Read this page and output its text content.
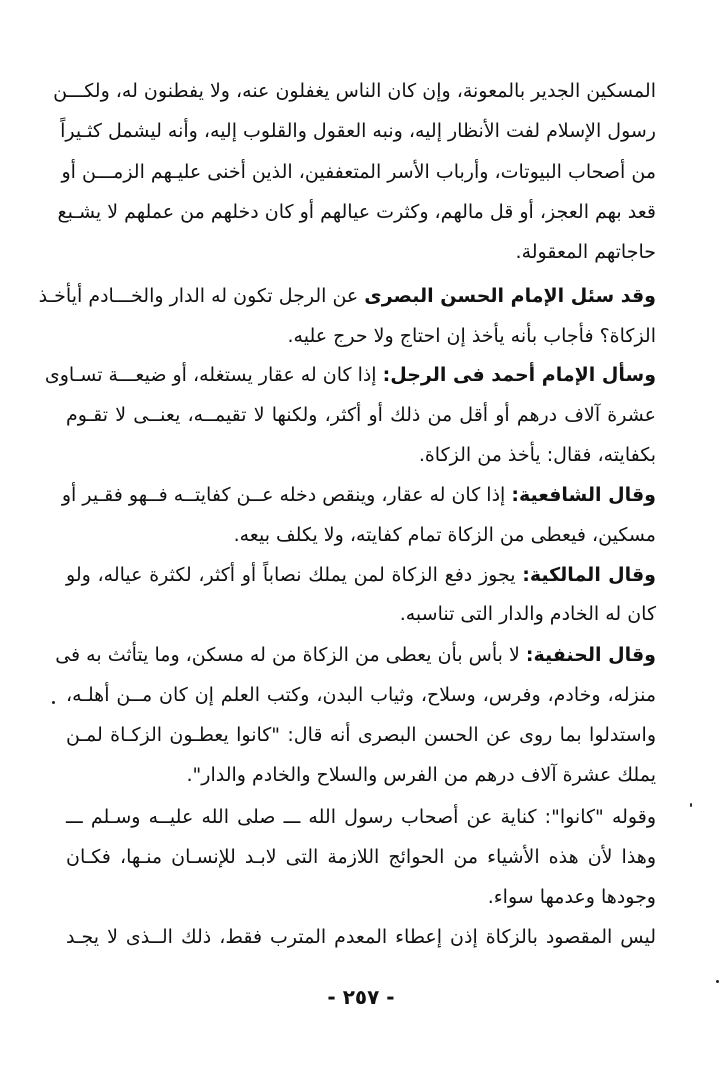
المسكين الجدير بالمعونة، وإن كان الناس يغفلون عنه، ولا يفطنون له، ولكـــن
رسول الإسلام لفت الأنظار إليه، ونبه العقول والقلوب إليه، وأنه ليشمل كثـيراً
من أصحاب البيوتات، وأرباب الأسر المتعففين، الذين أخنى عليـهم الزمـــن أو
قعد بهم العجز، أو قل مالهم، وكثرت عيالهم أو كان دخلهم من عملهم لا يشـبع
حاجاتهم المعقولة.
وقد سئل الإمام الحسن البصرى عن الرجل تكون له الدار والخـــادم أيأخـذ
الزكاة؟ فأجاب بأنه يأخذ إن احتاج ولا حرج عليه.
وسأل الإمام أحمد فى الرجل: إذا كان له عقار يستغله، أو ضيعـــة تسـاوى
عشرة آلاف درهم أو أقل من ذلك أو أكثر، ولكنها لا تقيمــه، يعنــى لا تقـوم
بكفايته، فقال: يأخذ من الزكاة.
وقال الشافعية: إذا كان له عقار، وينقص دخله عــن كفايتــه فــهو فقـير أو
مسكين، فيعطى من الزكاة تمام كفايته، ولا يكلف بيعه.
وقال المالكية: يجوز دفع الزكاة لمن يملك نصاباً أو أكثر، لكثرة عياله، ولو
كان له الخادم والدار التى تناسبه.
وقال الحنفية: لا بأس بأن يعطى من الزكاة من له مسكن، وما يتأثث به فى
منزله، وخادم، وفرس، وسلاح، وثياب البدن، وكتب العلم إن كان مــن أهلـه،
واستدلوا بما روى عن الحسن البصرى أنه قال: "كانوا يعطـون الزكـاة لمـن
يملك عشرة آلاف درهم من الفرس والسلاح والخادم والدار".
وقوله "كانوا": كناية عن أصحاب رسول الله ـــ صلى الله عليــه وسـلم ـــ
وهذا لأن هذه الأشياء من الحوائج اللازمة التى لابـد للإنسـان منـها، فكـان
وجودها وعدمها سواء.
ليس المقصود بالزكاة إذن إعطاء المعدم المترب فقط، ذلك الــذى لا يجـد
- ٢٥٧ -
